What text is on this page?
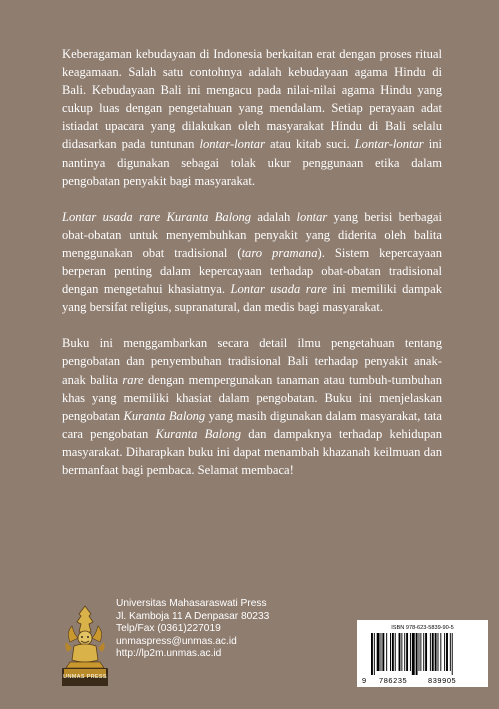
Keberagaman kebudayaan di Indonesia berkaitan erat dengan proses ritual keagamaan. Salah satu contohnya adalah kebudayaan agama Hindu di Bali. Kebudayaan Bali ini mengacu pada nilai-nilai agama Hindu yang cukup luas dengan pengetahuan yang mendalam. Setiap perayaan adat istiadat upacara yang dilakukan oleh masyarakat Hindu di Bali selalu didasarkan pada tuntunan lontar-lontar atau kitab suci. Lontar-lontar ini nantinya digunakan sebagai tolak ukur penggunaan etika dalam pengobatan penyakit bagi masyarakat.

Lontar usada rare Kuranta Balong adalah lontar yang berisi berbagai obat-obatan untuk menyembuhkan penyakit yang diderita oleh balita menggunakan obat tradisional (taro pramana). Sistem kepercayaan berperan penting dalam kepercayaan terhadap obat-obatan tradisional dengan mengetahui khasiatnya. Lontar usada rare ini memiliki dampak yang bersifat religius, supranatural, dan medis bagi masyarakat.

Buku ini menggambarkan secara detail ilmu pengetahuan tentang pengobatan dan penyembuhan tradisional Bali terhadap penyakit anak-anak balita rare dengan mempergunakan tanaman atau tumbuh-tumbuhan khas yang memiliki khasiat dalam pengobatan. Buku ini menjelaskan pengobatan Kuranta Balong yang masih digunakan dalam masyarakat, tata cara pengobatan Kuranta Balong dan dampaknya terhadap kehidupan masyarakat. Diharapkan buku ini dapat menambah khazanah keilmuan dan bermanfaat bagi pembaca. Selamat membaca!

UNMAS PRESS
Universitas Mahasaraswati Press
Jl. Kamboja 11 A Denpasar 80233
Telp/Fax (0361)227019
unmaspress@unmas.ac.id
http://lp2m.unmas.ac.id
ISBN 978-623-5839-90-5
9 786235	839905
